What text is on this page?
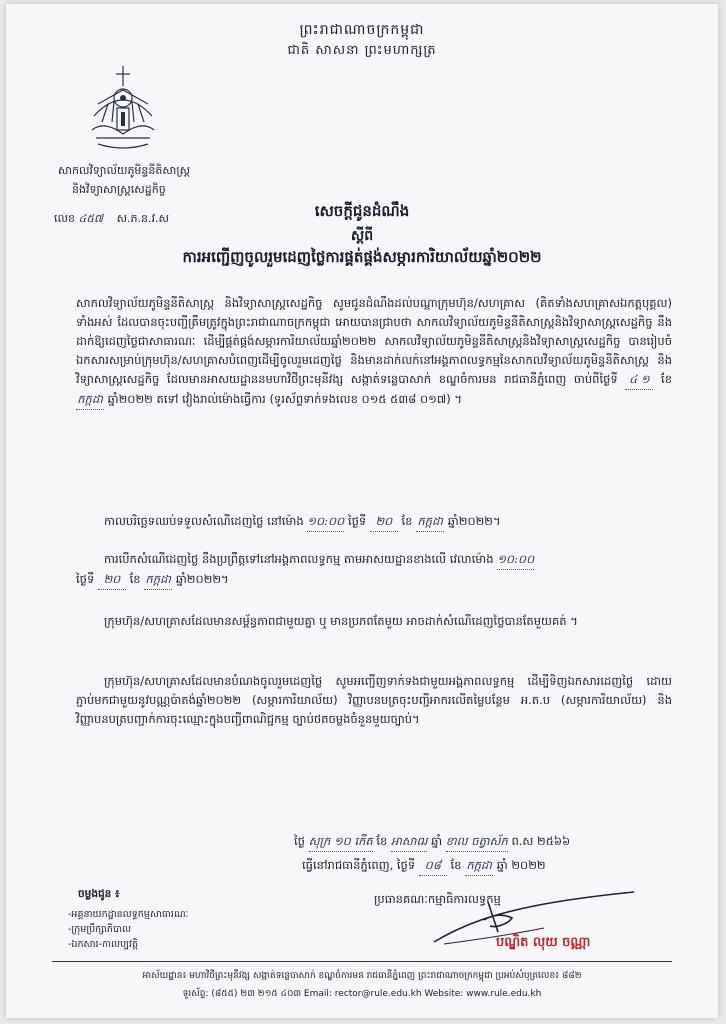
ព្រះរាជាណាចក្រកម្ពុជា
ជាតិ សាសនា ព្រះមហាក្សត្រ
សាកលវិទ្យាល័យភូមិន្ទនីតិសាស្ត្រ
និងវិទ្យាសាស្ត្រសេដ្ឋកិច្ច
លេខ ៤៥៧ ស.ភ.ន.វ.ស	សេចក្តីជូនដំណឹង
ស្តីពី
ការអញ្ជើញចូលរួមដេញថ្លៃការផ្គត់ផ្គង់សម្ភារការិយាល័យឆ្នាំ២០២២
សាកលវិទ្យាល័យភូមិន្ទនីតិសាស្ត្រ និងវិទ្យាសាស្ត្រសេដ្ឋកិច្ច សូមជូនដំណឹងដល់បណ្តាក្រុមហ៊ុន/សហគ្រាស (គិតទាំងសហគ្រាសឯកត្តបុគ្គល) ទាំងអស់ ដែលបានចុះបញ្ជីត្រឹមត្រូវក្នុងព្រះរាជាណាចក្រកម្ពុជា អោយបានជ្រាបថា សាកលវិទ្យាល័យភូមិន្ទនីតិសាស្ត្រនិងវិទ្យាសាស្ត្រសេដ្ឋកិច្ច នឹងដាក់ឱ្យដេញថ្លៃជាសាធារណៈ ដើម្បីផ្គត់ផ្គង់សម្ភារការិយាល័យឆ្នាំ២០២២ សាកលវិទ្យាល័យភូមិន្ទនីតិសាស្ត្រនិងវិទ្យាសាស្ត្រសេដ្ឋកិច្ច បានរៀបចំឯកសារសម្រាប់ក្រុមហ៊ុន/សហគ្រាសបំពេញដើម្បីចូលរួមដេញថ្លៃ និងមានដាក់លក់នៅអង្គភាពលទ្ធកម្មនៃសាកលវិទ្យាល័យភូមិន្ទនីតិសាស្ត្រ និងវិទ្យាសាស្ត្រសេដ្ឋកិច្ច ដែលមានអាសយដ្ឋាននមហាវិថីព្រះមុនីវង្ស សង្កាត់ទន្លេបាសាក់ ខណ្ឌចំការមន រាជធានីភ្នំពេញ ចាប់ពីថ្ងៃទី ៤ ១ ខែ កក្កដា ឆ្នាំ២០២២ តទៅ វៀងរាល់ម៉ោងធ្វើការ (ទូរស័ព្ទទាក់ទងលេខ ០១៥ ៥៣៨ ០១៧) ។
កាលបរិច្ឆេទឈប់ទទួលសំណើដេញថ្លៃ នៅម៉ោង ១០:០០ ថ្ងៃទី ២០ ខែ កក្កដា ឆ្នាំ២០២២។
ការបើកសំណើដេញថ្លៃ នឹងប្រព្រឹត្តទៅនៅអង្គភាពលទ្ធកម្ម តាមអាសយដ្ឋានខាងលើ វេលាម៉ោង ១០:០០
ថ្ងៃទី ២០ ខែ កក្កដា ឆ្នាំ២០២២។
ក្រុមហ៊ុន/សហគ្រាសដែលមានសម្ព័ន្ធភាពជាមួយគ្នា ឬ មានប្រភពតែមួយ អាចដាក់សំណើដេញថ្លៃបានតែមួយគត់ ។
ក្រុមហ៊ុន/សហគ្រាសដែលមានបំណងចូលរួមដេញថ្លៃ សូមអញ្ជើញទាក់ទងជាមួយអង្គភាពលទ្ធកម្ម ដើម្បីទិញឯកសារដេញថ្លៃ ដោយភ្ជាប់មកជាមួយនូវបណ្ណប៉ាតង់ឆ្នាំ២០២២ (សម្ភារការិយាល័យ) វិញ្ញាបនបត្រចុះបញ្ជីអាករលើតម្លៃបន្ថែម អ.ត.ប (សម្ភារការិយាល័យ) និងវិញ្ញាបនបត្របញ្ជាក់ការចុះឈ្មោះក្នុងបញ្ជីពាណិជ្ជកម្ម ច្បាប់ថតចម្លងចំនួនមួយច្បាប់។
ថ្ងៃ សុក្រ ១០ កើត ខែ អាសាឍ ឆ្នាំ ខាល ចត្វាស័ក ព.ស ២៥៦៦
ធ្វើនៅរាជធានីភ្នំពេញ, ថ្ងៃទី ០៨ ខែ កក្កដា ឆ្នាំ ២០២២
ប្រធានគណៈកម្មាធិការលទ្ធកម្ម
ចម្លងជូន ៖
-អគ្គនាយកដ្ឋានលទ្ធកម្មសាធារណៈ
-ក្រុមប្រឹក្សាភិបាល
-ឯកសារ-កាលប្បវត្តិ	បណ្ឌិត លុយ ចណ្ណា
អាស័យដ្ឋាន៖ មហាវិថីព្រះមុនីវង្ស សង្កាត់ទន្លេបាសាក់ ខណ្ឌចំការមន រាជធានីភ្នំពេញ ព្រះរាជាណាចក្រកម្ពុជា ប្រអប់សំបុត្រលេខ៖ ៨៨២
ទូរស័ព្ទ: (៨៥៥) ២៣ ២១៥ ៤០៣ Email: rector@rule.edu.kh Website: www.rule.edu.kh
